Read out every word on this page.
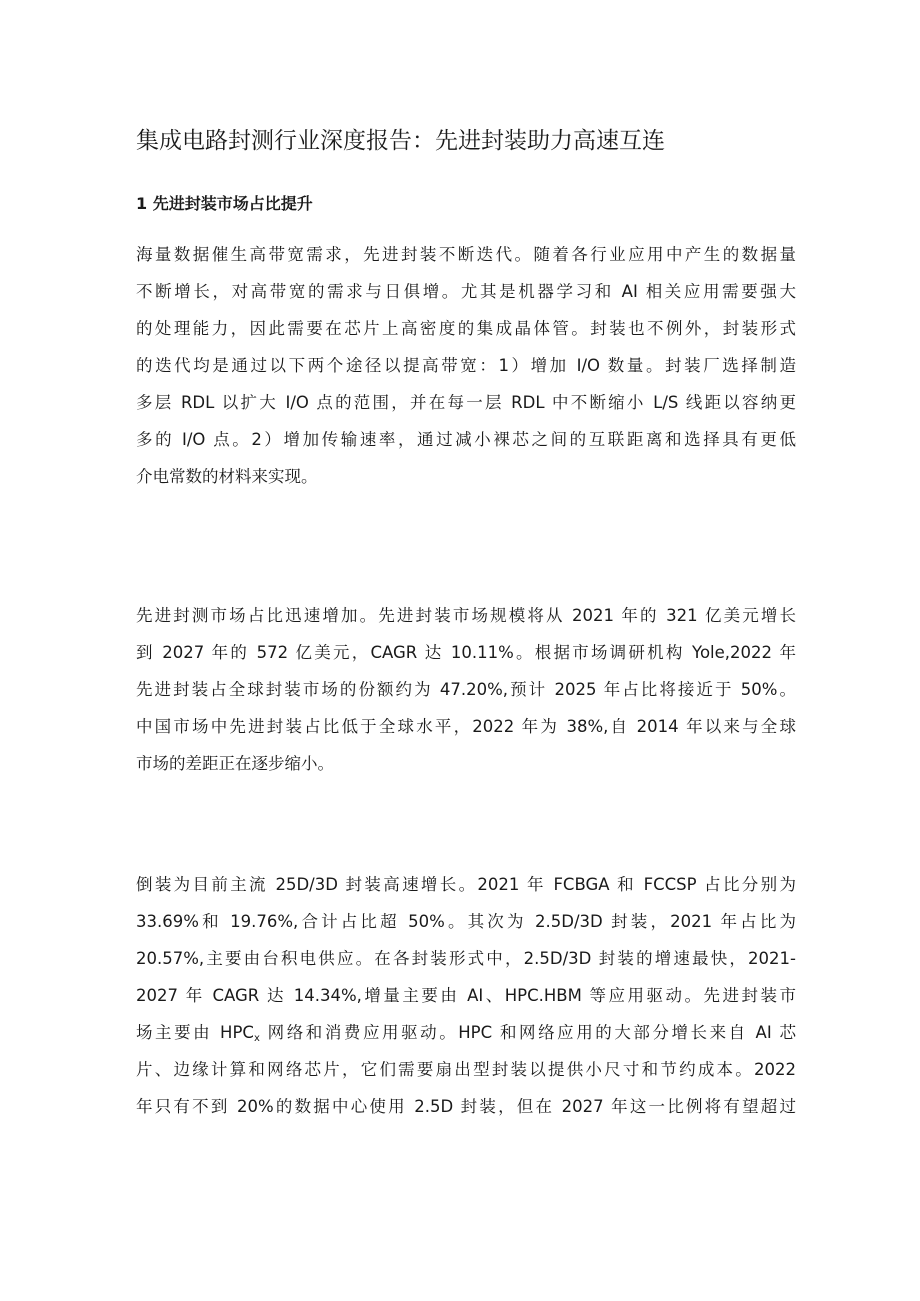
集成电路封测行业深度报告：先进封装助力高速互连
1 先进封装市场占比提升
海量数据催生高带宽需求，先进封装不断迭代。随着各行业应用中产生的数据量
不断增长，对高带宽的需求与日俱增。尤其是机器学习和 AI 相关应用需要强大
的处理能力，因此需要在芯片上高密度的集成晶体管。封装也不例外，封装形式
的迭代均是通过以下两个途径以提高带宽：1）增加 I/O 数量。封装厂选择制造
多层 RDL 以扩大 I/O 点的范围，并在每一层 RDL 中不断缩小 L/S 线距以容纳更
多的 I/O 点。2）增加传输速率，通过减小裸芯之间的互联距离和选择具有更低
介电常数的材料来实现。
先进封测市场占比迅速增加。先进封装市场规模将从 2021 年的 321 亿美元增长
到 2027 年的 572 亿美元，CAGR 达 10.11%。根据市场调研机构 Yole,2022 年
先进封装占全球封装市场的份额约为 47.20%,预计 2025 年占比将接近于 50%。
中国市场中先进封装占比低于全球水平，2022 年为 38%,自 2014 年以来与全球
市场的差距正在逐步缩小。
倒装为目前主流 25D/3D 封装高速增长。2021 年 FCBGA 和 FCCSP 占比分别为
33.69%和 19.76%,合计占比超 50%。其次为 2.5D/3D 封装，2021 年占比为
20.57%,主要由台积电供应。在各封装形式中，2.5D/3D 封装的增速最快，2021-
2027 年 CAGR 达 14.34%,增量主要由 AI、HPC.HBM 等应用驱动。先进封装市
场主要由 $HPC_x$ 网络和消费应用驱动。HPC 和网络应用的大部分增长来自 AI 芯
片、边缘计算和网络芯片，它们需要扇出型封装以提供小尺寸和节约成本。2022
年只有不到 20%的数据中心使用 2.5D 封装，但在 2027 年这一比例将有望超过
